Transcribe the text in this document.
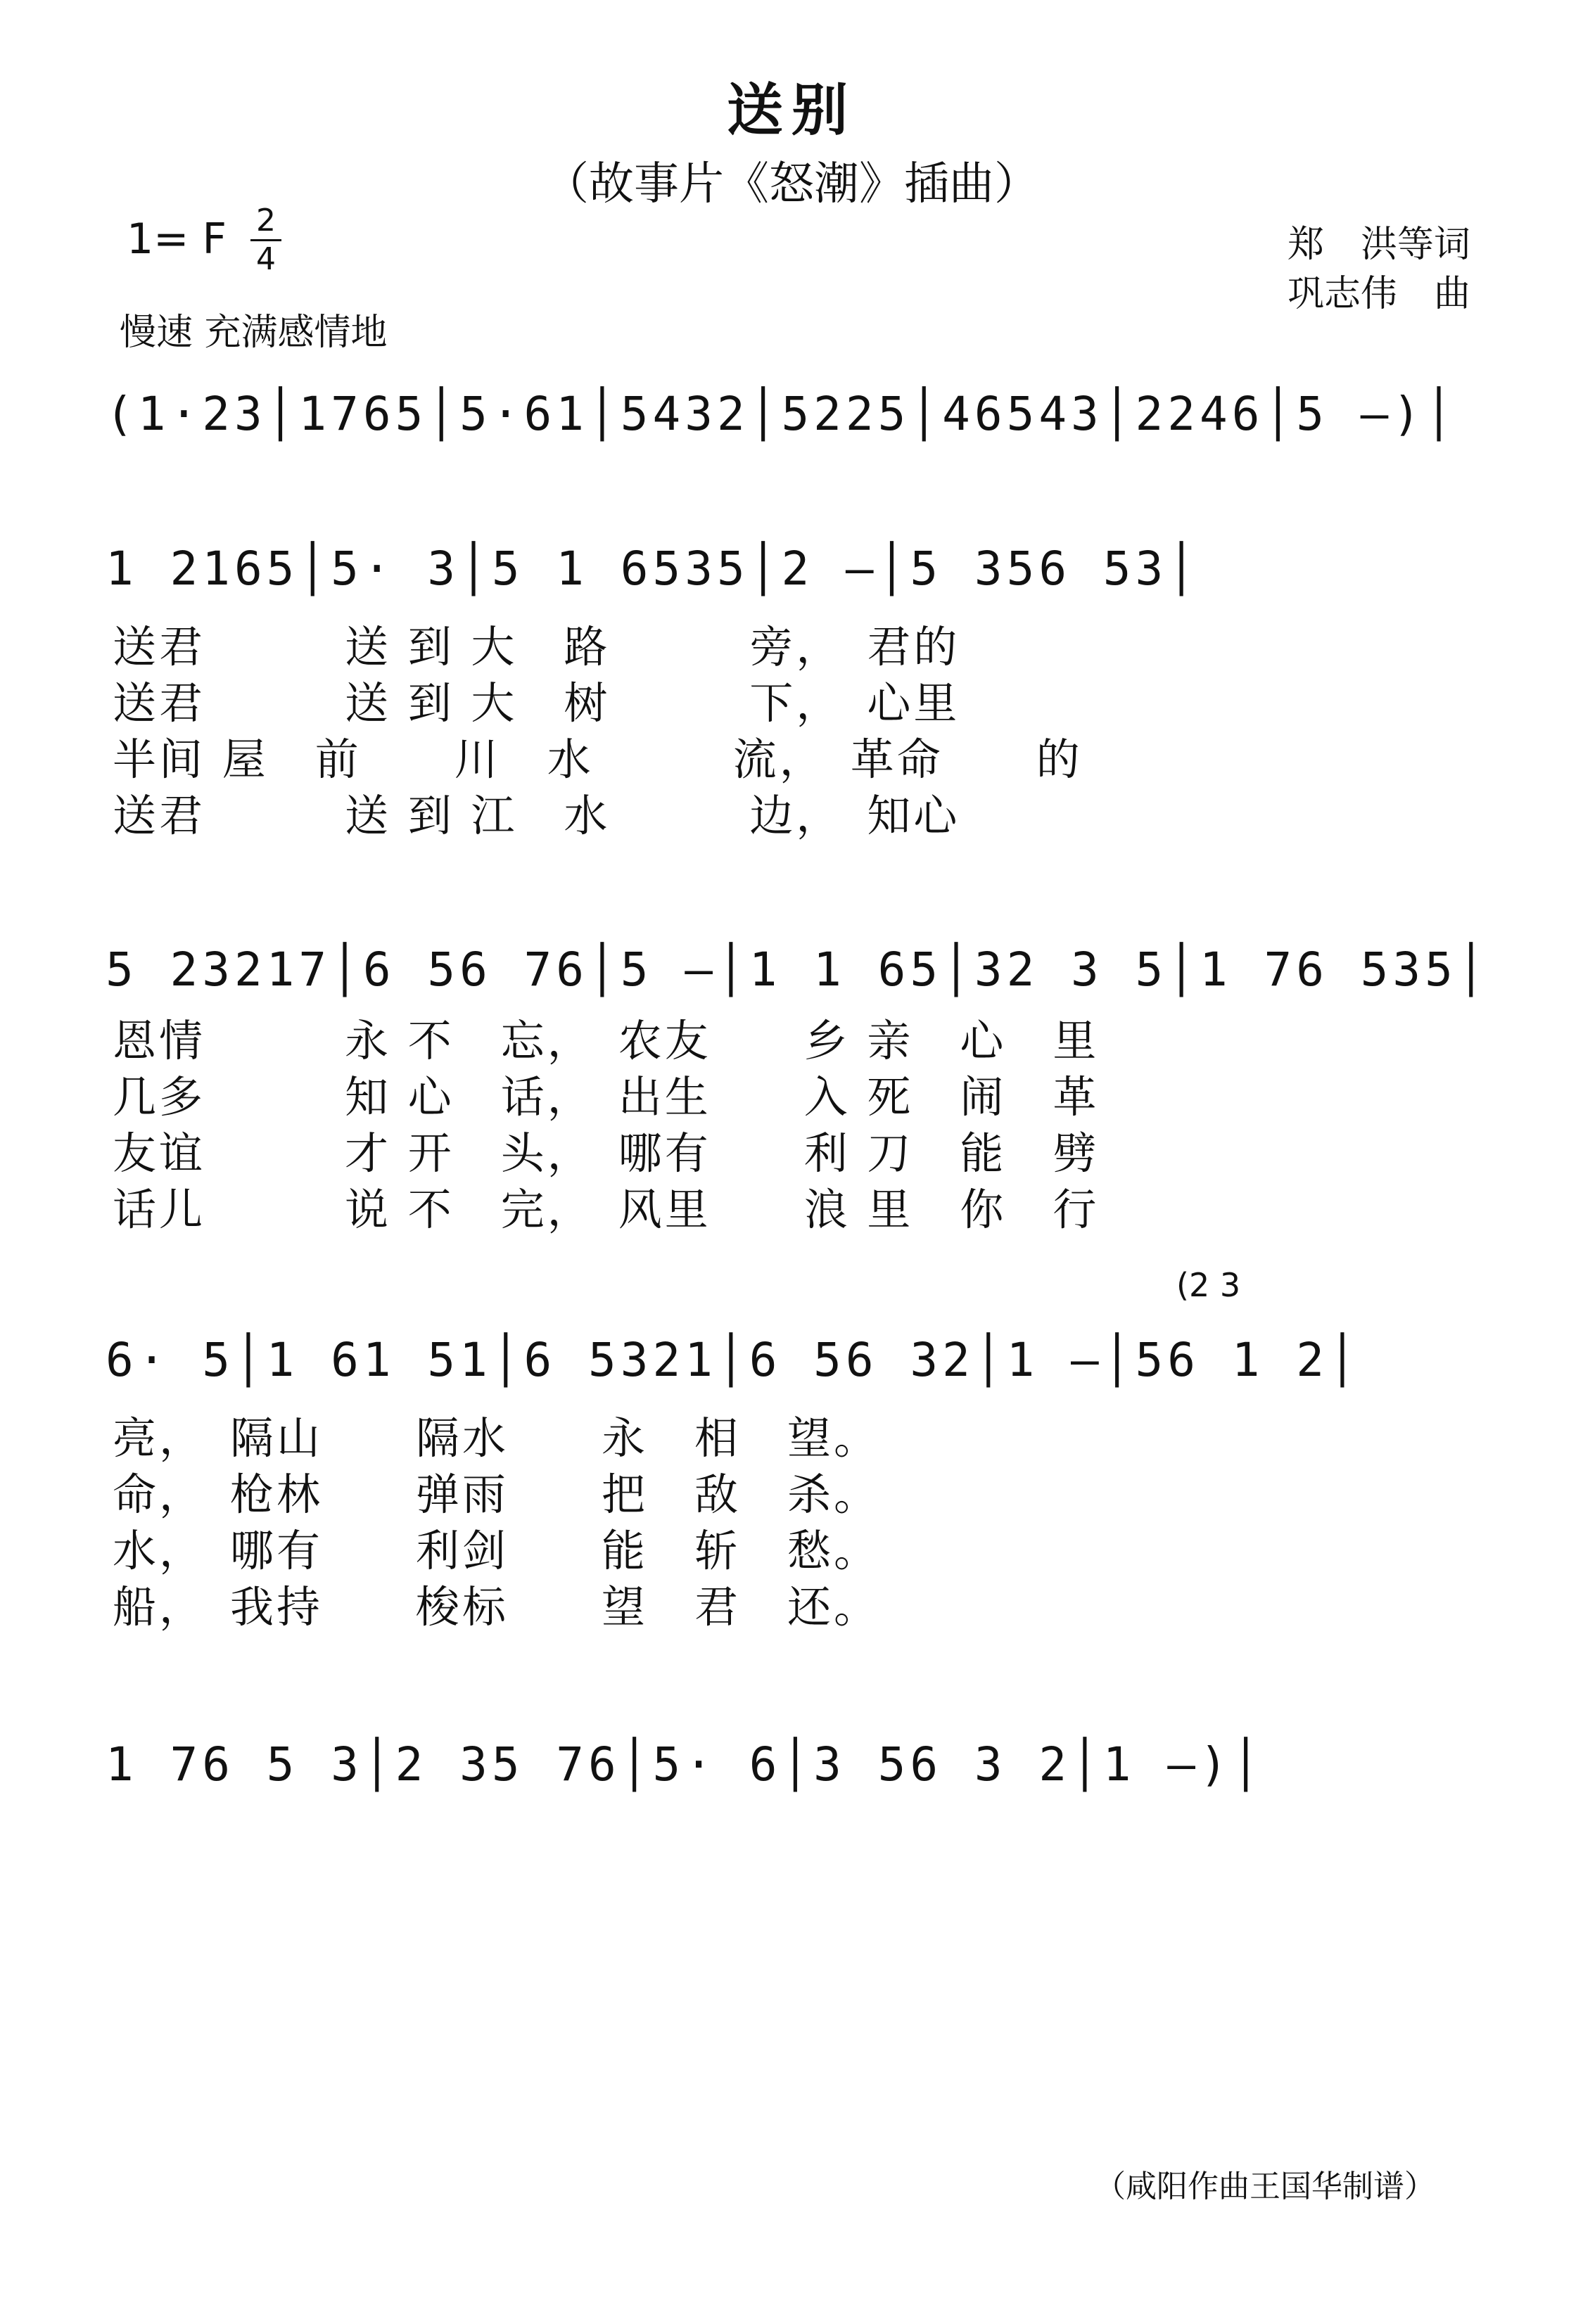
送别
（故事片《怒潮》插曲）
1= F 2
4	郑　洪等词
巩志伟　曲
慢速 充满感情地
(1·23│1765│5·61│5432│5225│46543│2246│5 –)│
1 2165│5· 3│5 1 6535│2 –│5 356 53│
送君　　　送 到 大　路　　　旁，　君的
送君　　　送 到 大　树　　　下，　心里
半间 屋　前　　川　水　　　流，　革命　　的
送君　　　送 到 江　水　　　边，　知心
5 23217│6 56 76│5 –│1 1 65│32 3 5│1 76 535│
恩情　　　永 不　忘，　农友　　乡 亲　心　里
几多　　　知 心　话，　出生　　入 死　闹　革
友谊　　　才 开　头，　哪有　　利 刀　能　劈
话儿　　　说 不　完，　风里　　浪 里　你　行
(2 3
6· 5│1 61 51│6 5321│6 56 32│1 –│56 1 2│
亮，　隔山　　隔水　　永　相　望。
命，　枪林　　弹雨　　把　敌　杀。
水，　哪有　　利剑　　能　斩　愁。
船，　我持　　梭标　　望　君　还。
1 76 5 3│2 35 76│5· 6│3 56 3 2│1 –)│
（咸阳作曲王国华制谱）
